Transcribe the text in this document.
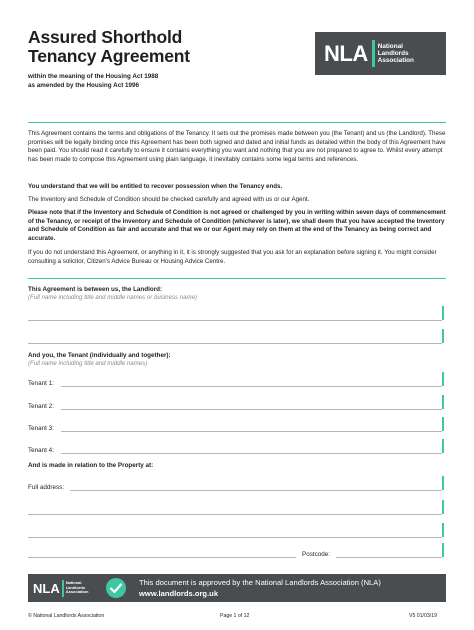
Assured Shorthold
Tenancy Agreement
within the meaning of the Housing Act 1988
as amended by the Housing Act 1996
NLA National
Landlords
Association
This Agreement contains the terms and obligations of the Tenancy. It sets out the promises made between you (the Tenant) and us (the Landlord). These promises will be legally binding once this Agreement has been both signed and dated and initial funds as detailed within the body of this Agreement have been paid. You should read it carefully to ensure it contains everything you want and nothing that you are not prepared to agree to. Whilst every attempt has been made to compose this Agreement using plain language, it inevitably contains some legal terms and references.
You understand that we will be entitled to recover possession when the Tenancy ends.
The Inventory and Schedule of Condition should be checked carefully and agreed with us or our Agent.
Please note that if the Inventory and Schedule of Condition is not agreed or challenged by you in writing within seven days of commencement of the Tenancy, or receipt of the Inventory and Schedule of Condition (whichever is later), we shall deem that you have accepted the Inventory and Schedule of Condition as fair and accurate and that we or our Agent may rely on them at the end of the Tenancy as being correct and accurate.
If you do not understand this Agreement, or anything in it, it is strongly suggested that you ask for an explanation before signing it. You might consider consulting a solicitor, Citizen's Advice Bureau or Housing Advice Centre.
This Agreement is between us, the Landlord:
(Full name including title and middle names or business name)
And you, the Tenant (individually and together):
(Full name including title and middle names)
Tenant 1:
Tenant 2:
Tenant 3:
Tenant 4:
And is made in relation to the Property at:
Full address:
Postcode:
NLA National
Landlords
Association
This document is approved by the National Landlords Association (NLA)
www.landlords.org.uk
© National Landlords Association	Page 1 of 12	V5 01/03/19
